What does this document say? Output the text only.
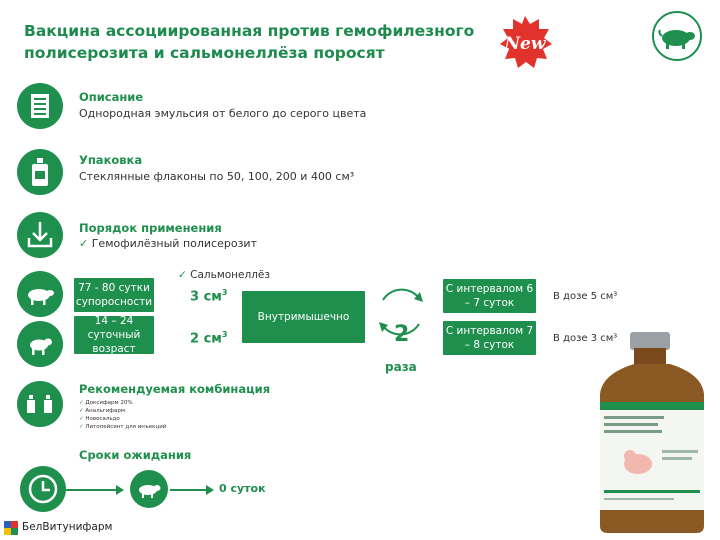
Вакцина ассоциированная против гемофилезного полисерозита и сальмонеллёза поросят	New
Описание
Однородная эмульсия от белого до серого цвета
Упаковка
Стеклянные флаконы по 50, 100, 200 и 400 см³
Порядок применения
✓ Гемофилёзный полисерозит
77 - 80 сутки супоросности
14 – 24 суточный возраст
✓ Сальмонеллёз
3 $см^3$
2 $см^3$
Внутримышечно
2
раза
С интервалом 6 – 7 суток
С интервалом 7 – 8 суток
В дозе 5 см³
В дозе 3 см³
Рекомендуемая комбинация
✓ Доксифарм 20%
✓ Анальгифарм
✓ Новосальдо
✓ Литопейсинт для инъекций
Сроки ожидания
0 суток
БелВитунифарм
